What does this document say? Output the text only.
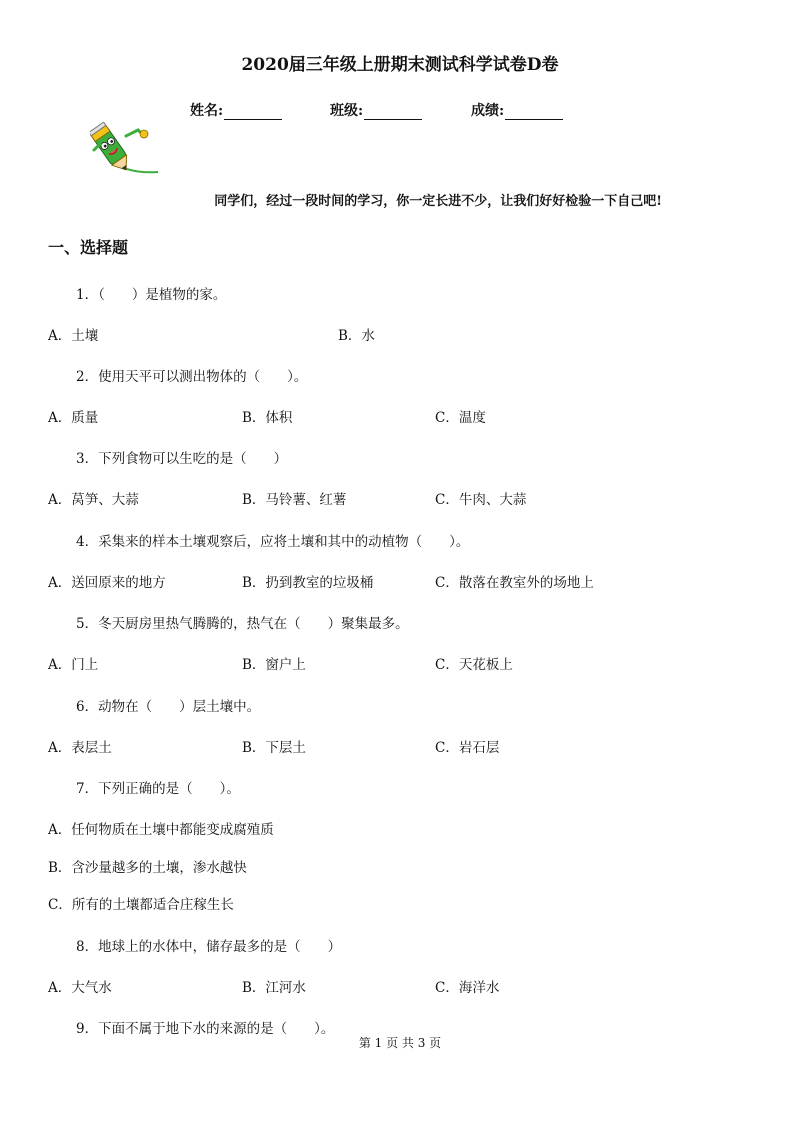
2020届三年级上册期末测试科学试卷D卷
姓名:	班级:	成绩:
同学们，经过一段时间的学习，你一定长进不少，让我们好好检验一下自己吧!
一、选择题
1．（　　）是植物的家。
A．土壤	B．水
2．使用天平可以测出物体的（　　）。
A．质量	B．体积	C．温度
3．下列食物可以生吃的是（　　）
A．莴笋、大蒜	B．马铃薯、红薯	C．牛肉、大蒜
4．采集来的样本土壤观察后，应将土壤和其中的动植物（　　）。
A．送回原来的地方	B．扔到教室的垃圾桶	C．散落在教室外的场地上
5．冬天厨房里热气腾腾的，热气在（　　）聚集最多。
A．门上	B．窗户上	C．天花板上
6．动物在（　　）层土壤中。
A．表层土	B．下层土	C．岩石层
7．下列正确的是（　　）。
A．任何物质在土壤中都能变成腐殖质
B．含沙量越多的土壤，渗水越快
C．所有的土壤都适合庄稼生长
8．地球上的水体中，储存最多的是（　　）
A．大气水	B．江河水	C．海洋水
9．下面不属于地下水的来源的是（　　）。
第 1 页 共 3 页
